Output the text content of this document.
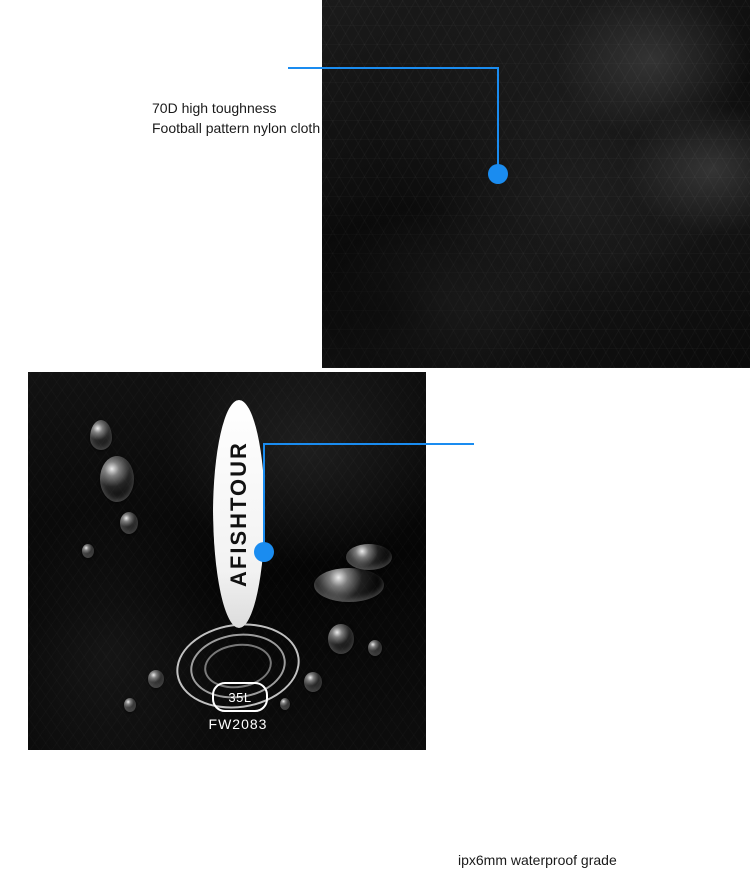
70D high toughness
Football pattern nylon cloth
AFISHTOUR
35L
FW2083
ipx6mm waterproof grade
